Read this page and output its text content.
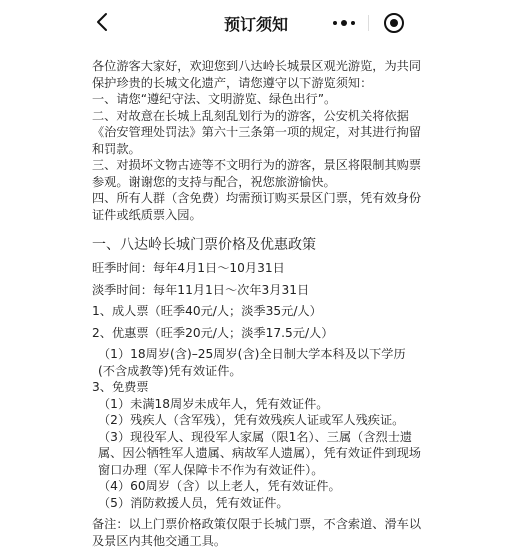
预订须知

各位游客大家好，欢迎您到八达岭长城景区观光游览，为共同保护珍贵的长城文化遗产，请您遵守以下游览须知：

一、请您“遵纪守法、文明游览、绿色出行”。

二、对故意在长城上乱刻乱划行为的游客，公安机关将依据《治安管理处罚法》第六十三条第一项的规定，对其进行拘留和罚款。

三、对损坏文物古迹等不文明行为的游客，景区将限制其购票参观。谢谢您的支持与配合，祝您旅游愉快。

四、所有人群（含免费）均需预订购买景区门票，凭有效身份证件或纸质票入园。

一、八达岭长城门票价格及优惠政策

旺季时间：每年4月1日～10月31日

淡季时间：每年11月1日～次年3月31日

1、成人票（旺季40元/人；淡季35元/人）

2、优惠票（旺季20元/人；淡季17.5元/人）

（1）18周岁(含)–25周岁(含)全日制大学本科及以下学历(不含成教等)凭有效证件。

3、免费票

（1）未满18周岁未成年人，凭有效证件。

（2）残疾人（含军残），凭有效残疾人证或军人残疾证。

（3）现役军人、现役军人家属（限1名）、三属（含烈士遗属、因公牺牲军人遗属、病故军人遗属），凭有效证件到现场窗口办理（军人保障卡不作为有效证件）。

（4）60周岁（含）以上老人，凭有效证件。

（5）消防救援人员，凭有效证件。

备注：以上门票价格政策仅限于长城门票，不含索道、滑车以及景区内其他交通工具。
